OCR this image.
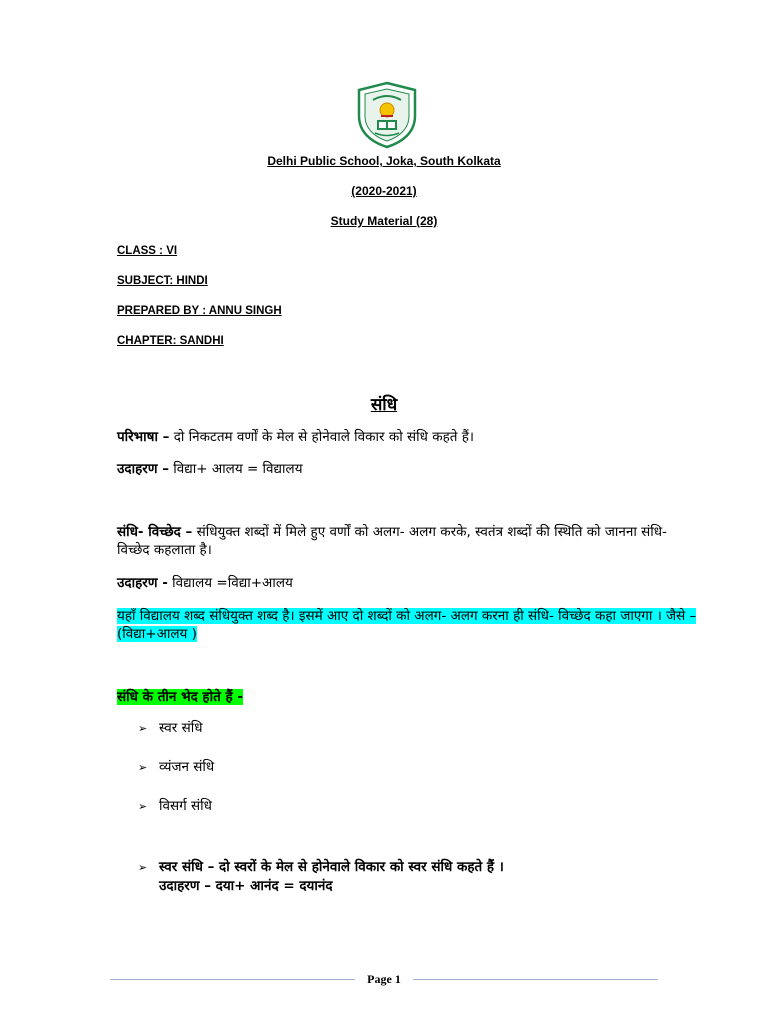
Delhi Public School, Joka, South Kolkata
(2020-2021)
Study Material (28)
CLASS : VI
SUBJECT: HINDI
PREPARED BY : ANNU SINGH
CHAPTER: SANDHI
संधि
परिभाषा – दो निकटतम वर्णों के मेल से होनेवाले विकार को संधि कहते हैं।
उदाहरण – विद्या+ आलय = विद्यालय
संधि- विच्छेद – संधियुक्त शब्दों में मिले हुए वर्णों को अलग- अलग करके, स्वतंत्र शब्दों की स्थिति को जानना संधि- विच्छेद कहलाता है।
उदाहरण - विद्यालय =विद्या+आलय
यहाँ विद्यालय शब्द संधियुक्त शब्द है। इसमें आए दो शब्दों को अलग- अलग करना ही संधि- विच्छेद कहा जाएगा । जैसे – (विद्या+आलय )
संधि के तीन भेद होते हैं -
➢ स्वर संधि
➢ व्यंजन संधि
➢ विसर्ग संधि
➢ स्वर संधि – दो स्वरों के मेल से होनेवाले विकार को स्वर संधि कहते हैं ।
उदाहरण – दया+ आनंद = दयानंद
Page 1
